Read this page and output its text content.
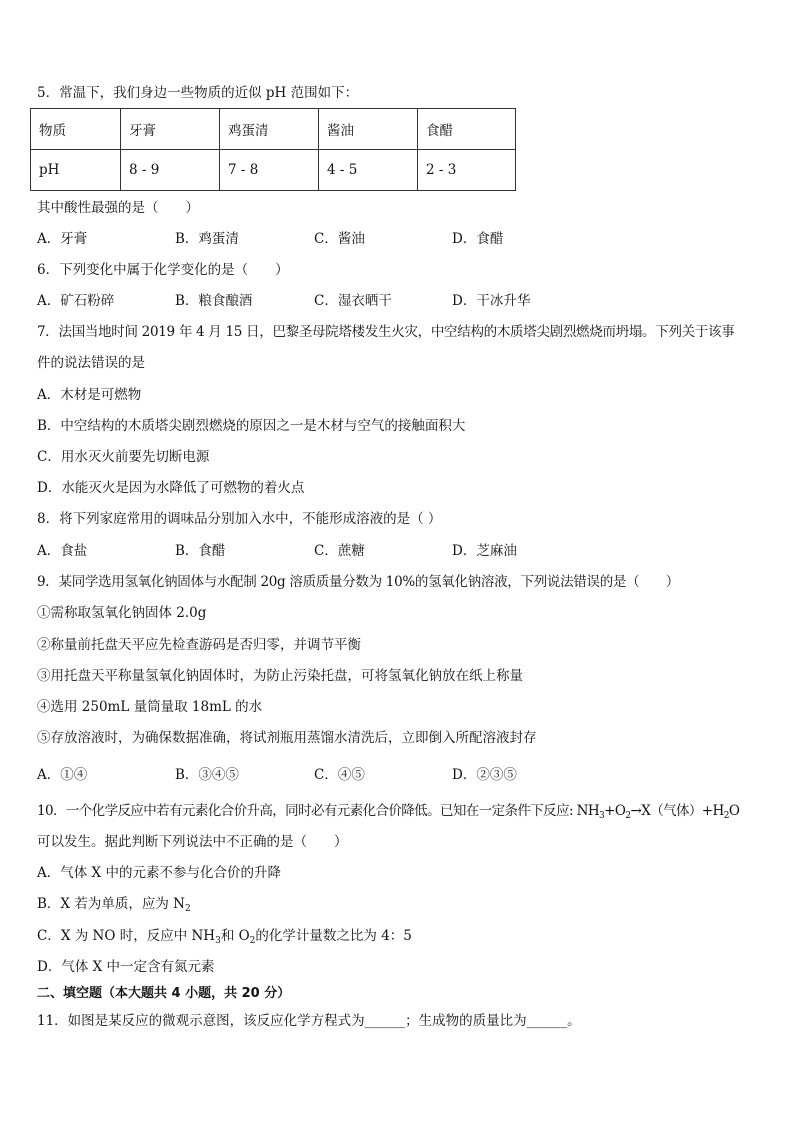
5．常温下，我们身边一些物质的近似 pH 范围如下：
物质	牙膏	鸡蛋清	酱油	食醋
pH	8 - 9	7 - 8	4 - 5	2 - 3
其中酸性最强的是（　　）
A．牙膏	B．鸡蛋清	C．酱油	D．食醋
6．下列变化中属于化学变化的是（　　）
A．矿石粉碎	B．粮食酿酒	C．湿衣晒干	D．干冰升华
7．法国当地时间 2019 年 4 月 15 日，巴黎圣母院塔楼发生火灾，中空结构的木质塔尖剧烈燃烧而坍塌。下列关于该事
件的说法错误的是
A．木材是可燃物
B．中空结构的木质塔尖剧烈燃烧的原因之一是木材与空气的接触面积大
C．用水灭火前要先切断电源
D．水能灭火是因为水降低了可燃物的着火点
8．将下列家庭常用的调味品分别加入水中，不能形成溶液的是（ ）
A．食盐	B．食醋	C．蔗糖	D．芝麻油
9．某同学选用氢氧化钠固体与水配制 20g 溶质质量分数为 10%的氢氧化钠溶液，下列说法错误的是（　　）
①需称取氢氧化钠固体 2.0g
②称量前托盘天平应先检查游码是否归零，并调节平衡
③用托盘天平称量氢氧化钠固体时，为防止污染托盘，可将氢氧化钠放在纸上称量
④选用 250mL 量筒量取 18mL 的水
⑤存放溶液时，为确保数据准确，将试剂瓶用蒸馏水清洗后，立即倒入所配溶液封存
A．①④	B．③④⑤	C．④⑤	D．②③⑤
10．一个化学反应中若有元素化合价升高，同时必有元素化合价降低。已知在一定条件下反应: $NH_3+O_2\to X$（气体）$+H_2O$
可以发生。据此判断下列说法中不正确的是（　　）
A．气体 X 中的元素不参与化合价的升降
B．X 若为单质，应为 $N_2$
C．X 为 NO 时，反应中 $NH_3$和 $O_2$的化学计量数之比为 4：5
D．气体 X 中一定含有氮元素
二、填空题（本大题共 4 小题，共 20 分）
11．如图是某反应的微观示意图，该反应化学方程式为______；生成物的质量比为______。
